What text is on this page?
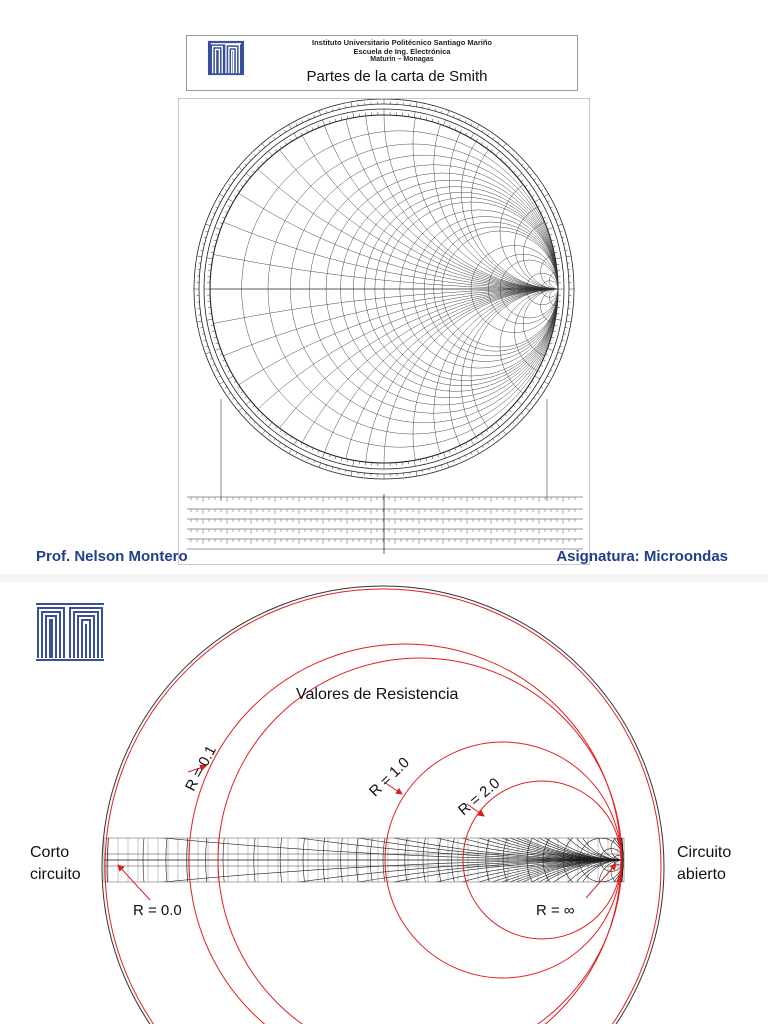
Instituto Universitario Politécnico Santiago Mariño
Escuela de Ing. Electrónica
Maturín – Monagas
Partes de la carta de Smith
Prof. Nelson Montero	Asignatura: Microondas
Valores de Resistencia
Corto
circuito
Circuito
abierto
R = 0.0	R = ∞
R = 0.1	R = 1.0	R = 2.0
